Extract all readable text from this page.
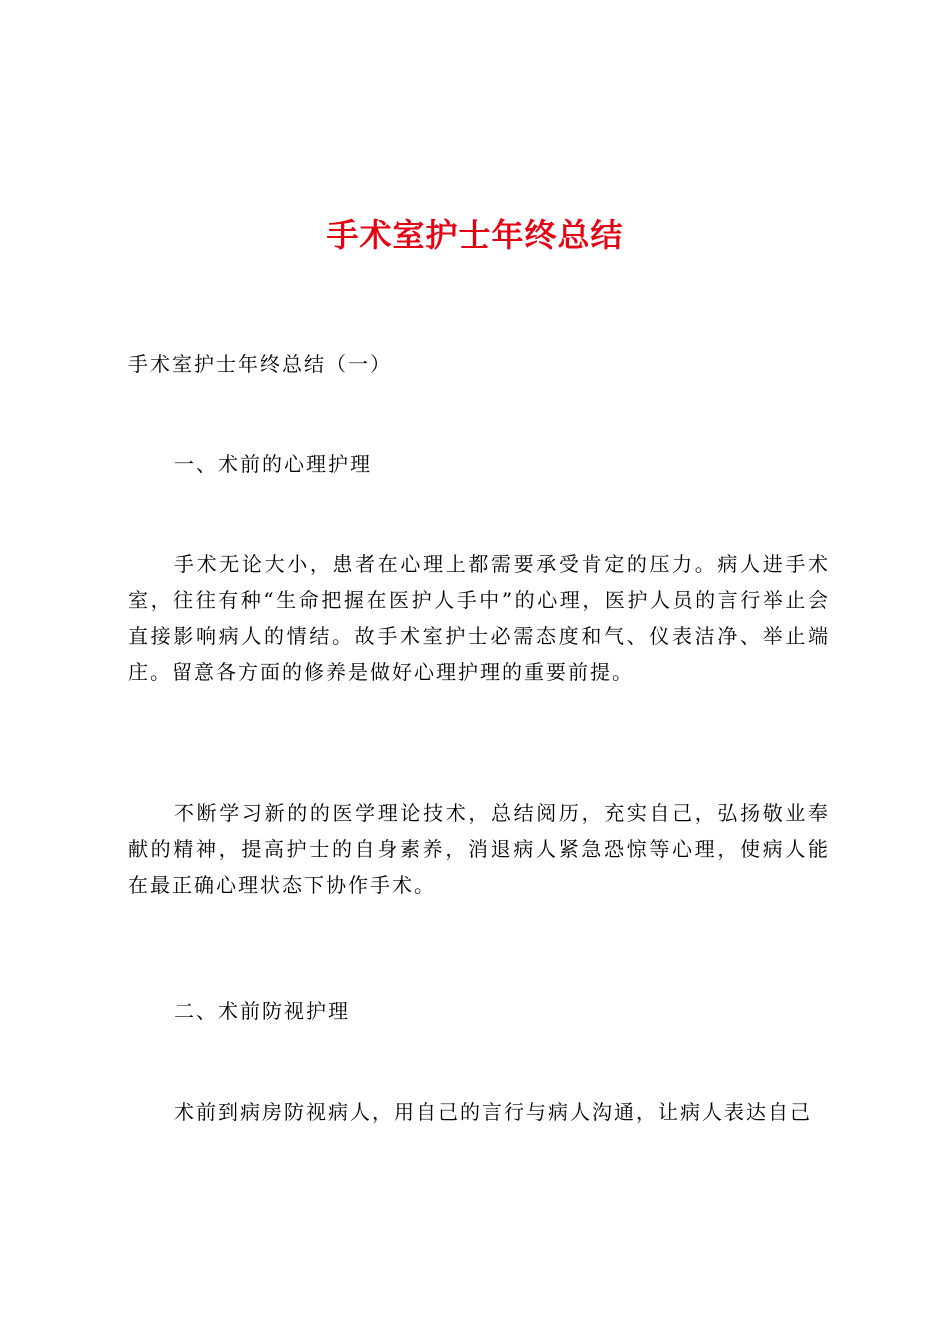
手术室护士年终总结

手术室护士年终总结（一）

一、术前的心理护理

手术无论大小，患者在心理上都需要承受肯定的压力。病人进手术室，往往有种“生命把握在医护人手中”的心理，医护人员的言行举止会直接影响病人的情结。故手术室护士必需态度和气、仪表洁净、举止端庄。留意各方面的修养是做好心理护理的重要前提。

不断学习新的的医学理论技术，总结阅历，充实自己，弘扬敬业奉献的精神，提高护士的自身素养，消退病人紧急恐惊等心理，使病人能在最正确心理状态下协作手术。

二、术前防视护理

术前到病房防视病人，用自己的言行与病人沟通，让病人表达自己
